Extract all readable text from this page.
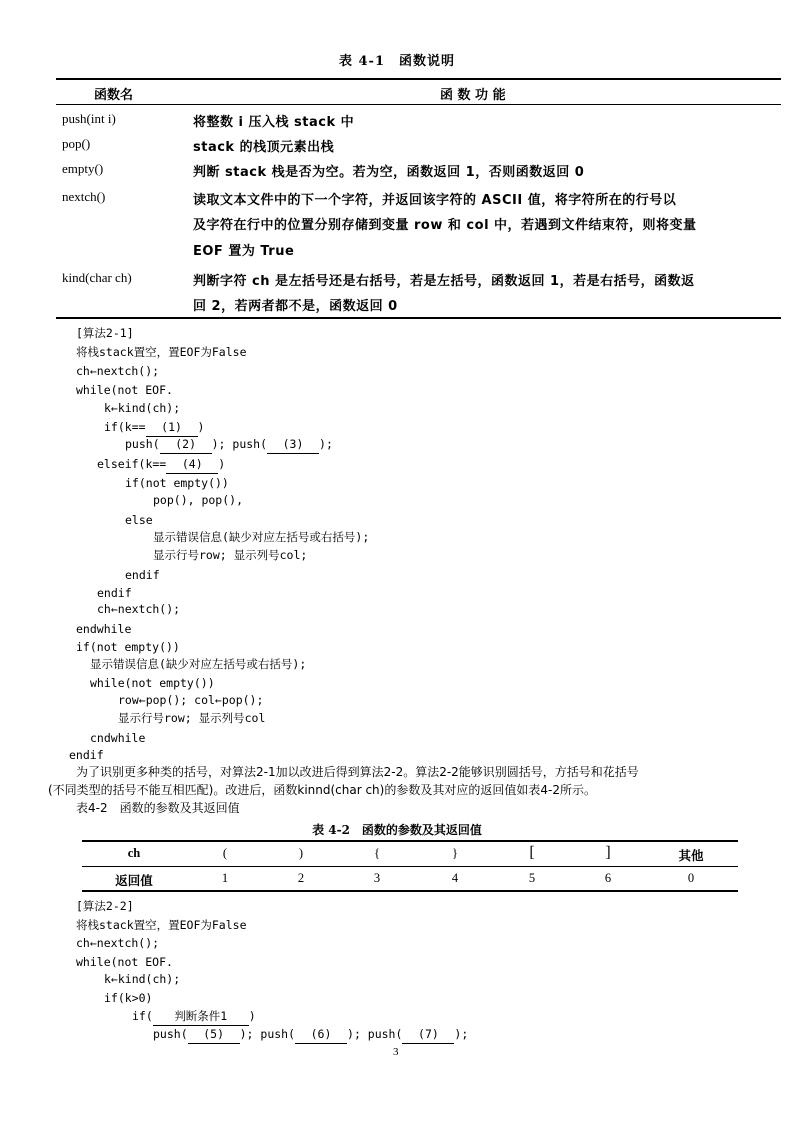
表 4-1　函数说明
函数名	函 数 功 能
push(int i)	将整数 i 压入栈 stack 中
pop()	stack 的栈顶元素出栈
empty()	判断 stack 栈是否为空。若为空，函数返回 1，否则函数返回 0
nextch()	读取文本文件中的下一个字符，并返回该字符的 ASCII 值，将字符所在的行号以
及字符在行中的位置分别存储到变量 row 和 col 中，若遇到文件结束符，则将变量
EOF 置为 True
kind(char ch)	判断字符 ch 是左括号还是右括号，若是左括号，函数返回 1，若是右括号，函数返
回 2，若两者都不是，函数返回 0
[算法2-1]
将栈stack置空，置EOF为False
ch←nextch();
while(not EOF.
k←kind(ch);
if(k== (1) )
push( (2) ); push( (3) );
elseif(k== (4) )
if(not empty())
pop(), pop(),
else
显示错误信息(缺少对应左括号或右括号);
显示行号row; 显示列号col;
endif
endif
ch←nextch();
endwhile
if(not empty())
显示错误信息(缺少对应左括号或右括号);
while(not empty())
row←pop(); col←pop();
显示行号row; 显示列号col
cndwhile
endif
为了识别更多种类的括号，对算法2-1加以改进后得到算法2-2。算法2-2能够识别圆括号，方括号和花括号
(不同类型的括号不能互相匹配)。改进后，函数kinnd(char ch)的参数及其对应的返回值如表4-2所示。
表4-2　函数的参数及其返回值
表 4-2　函数的参数及其返回值
ch	(	)	{	}	[	]	其他
返回值	1	2	3	4	5	6	0
[算法2-2]
将栈stack置空，置EOF为False
ch←nextch();
while(not EOF.
k←kind(ch);
if(k>0)
if( 判断条件1 )
push( (5) ); push( (6) ); push( (7) );
3
